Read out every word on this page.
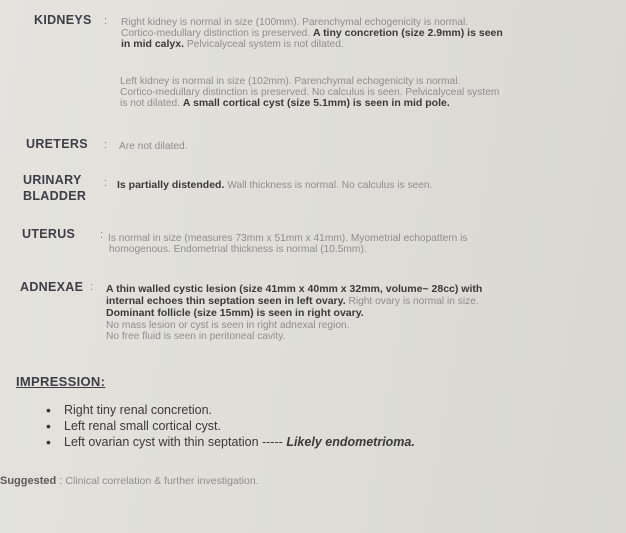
KIDNEYS : Right kidney is normal in size (100mm). Parenchymal echogenicity is normal.
Cortico-medullary distinction is preserved. A tiny concretion (size 2.9mm) is seen
in mid calyx. Pelvicalyceal system is not dilated.
Left kidney is normal in size (102mm). Parenchymal echogenicity is normal.
Cortico-medullary distinction is preserved. No calculus is seen. Pelvicalyceal system
is not dilated. A small cortical cyst (size 5.1mm) is seen in mid pole.
URETERS : Are not dilated.
URINARY
BLADDER
: Is partially distended. Wall thickness is normal. No calculus is seen.
UTERUS : Is normal in size (measures 73mm x 51mm x 41mm). Myometrial echopattern is
homogenous. Endometrial thickness is normal (10.5mm).
ADNEXAE : A thin walled cystic lesion (size 41mm x 40mm x 32mm, volume~ 28cc) with
internal echoes thin septation seen in left ovary. Right ovary is normal in size.
Dominant follicle (size 15mm) is seen in right ovary.
No mass lesion or cyst is seen in right adnexal region.
No free fluid is seen in peritoneal cavity.
IMPRESSION:
• Right tiny renal concretion.
• Left renal small cortical cyst.
• Left ovarian cyst with thin septation ----- Likely endometrioma.
Suggested : Clinical correlation & further investigation.
